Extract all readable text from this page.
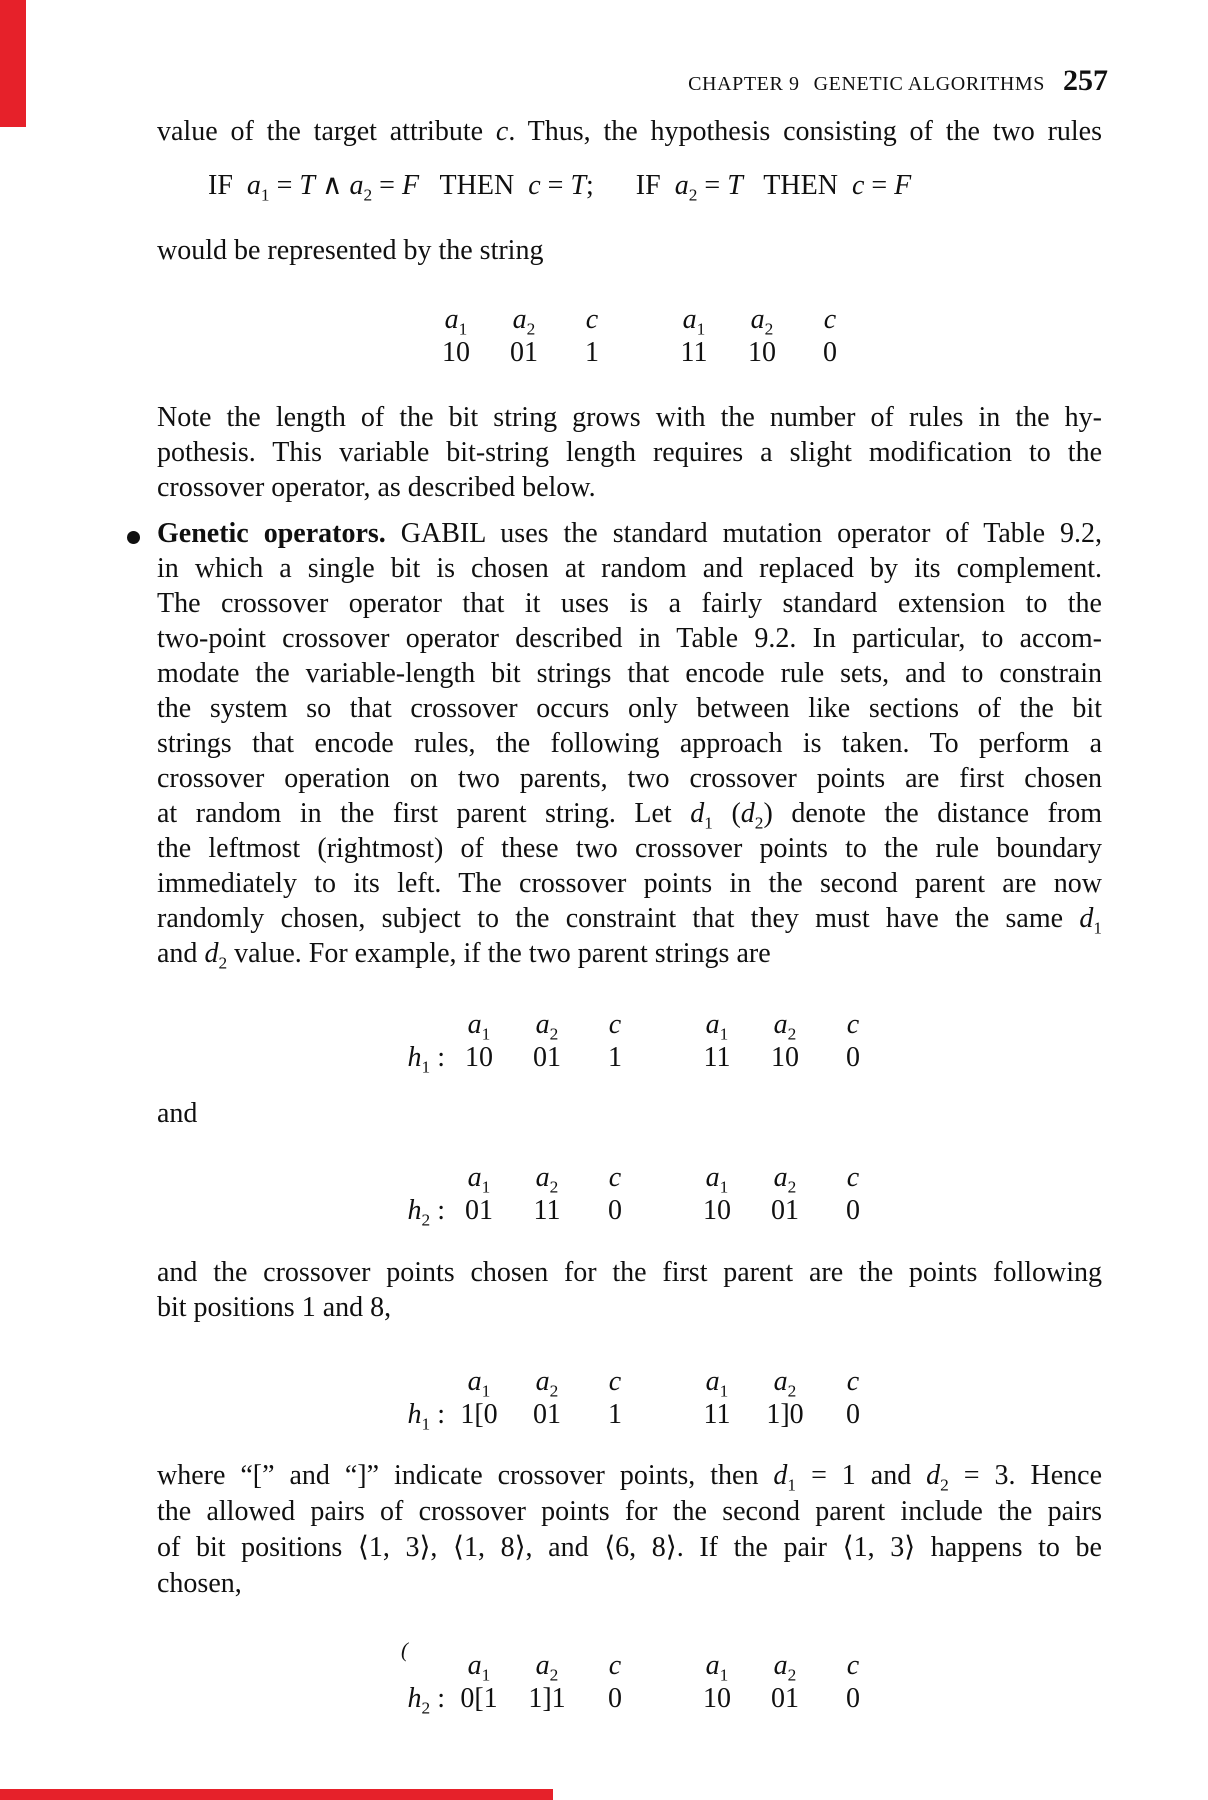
CHAPTER 9 GENETIC ALGORITHMS 257
value of the target attribute c. Thus, the hypothesis consisting of the two rules
IF  $a_1 = T$ ∧ $a_2 = F$   THEN  c = T;      IF  $a_2 = T$   THEN  c = F
would be represented by the string
$a_1$	$a_2$	c	$a_1$	$a_2$	c
10	01	1	11	10	0
Note the length of the bit string grows with the number of rules in the hy-
pothesis. This variable bit-string length requires a slight modification to the
crossover operator, as described below.
Genetic operators. GABIL uses the standard mutation operator of Table 9.2,
in which a single bit is chosen at random and replaced by its complement.
The crossover operator that it uses is a fairly standard extension to the
two-point crossover operator described in Table 9.2. In particular, to accom-
modate the variable-length bit strings that encode rule sets, and to constrain
the system so that crossover occurs only between like sections of the bit
strings that encode rules, the following approach is taken. To perform a
crossover operation on two parents, two crossover points are first chosen
at random in the first parent string. Let $d_1$ $(d_2)$ denote the distance from
the leftmost (rightmost) of these two crossover points to the rule boundary
immediately to its left. The crossover points in the second parent are now
randomly chosen, subject to the constraint that they must have the same $d_1$
and $d_2$ value. For example, if the two parent strings are
$a_1$	$a_2$	c	$a_1$	$a_2$	c
$h_1$ : 10	01	1	11	10	0
and
$a_1$	$a_2$	c	$a_1$	$a_2$	c
$h_2$ : 01	11	0	10	01	0
and the crossover points chosen for the first parent are the points following
bit positions 1 and 8,
$a_1$	$a_2$	c	$a_1$	$a_2$	c
$h_1$ : 1[0	01	1	11	1]0	0
where “[” and “]” indicate crossover points, then $d_1 = 1$ and $d_2 = 3$. Hence
the allowed pairs of crossover points for the second parent include the pairs
of bit positions ⟨1, 3⟩, ⟨1, 8⟩, and ⟨6, 8⟩. If the pair ⟨1, 3⟩ happens to be
chosen,
(	$a_1$	$a_2$	c	$a_1$	$a_2$	c
$h_2$ : 0[1	1]1	0	10	01	0
